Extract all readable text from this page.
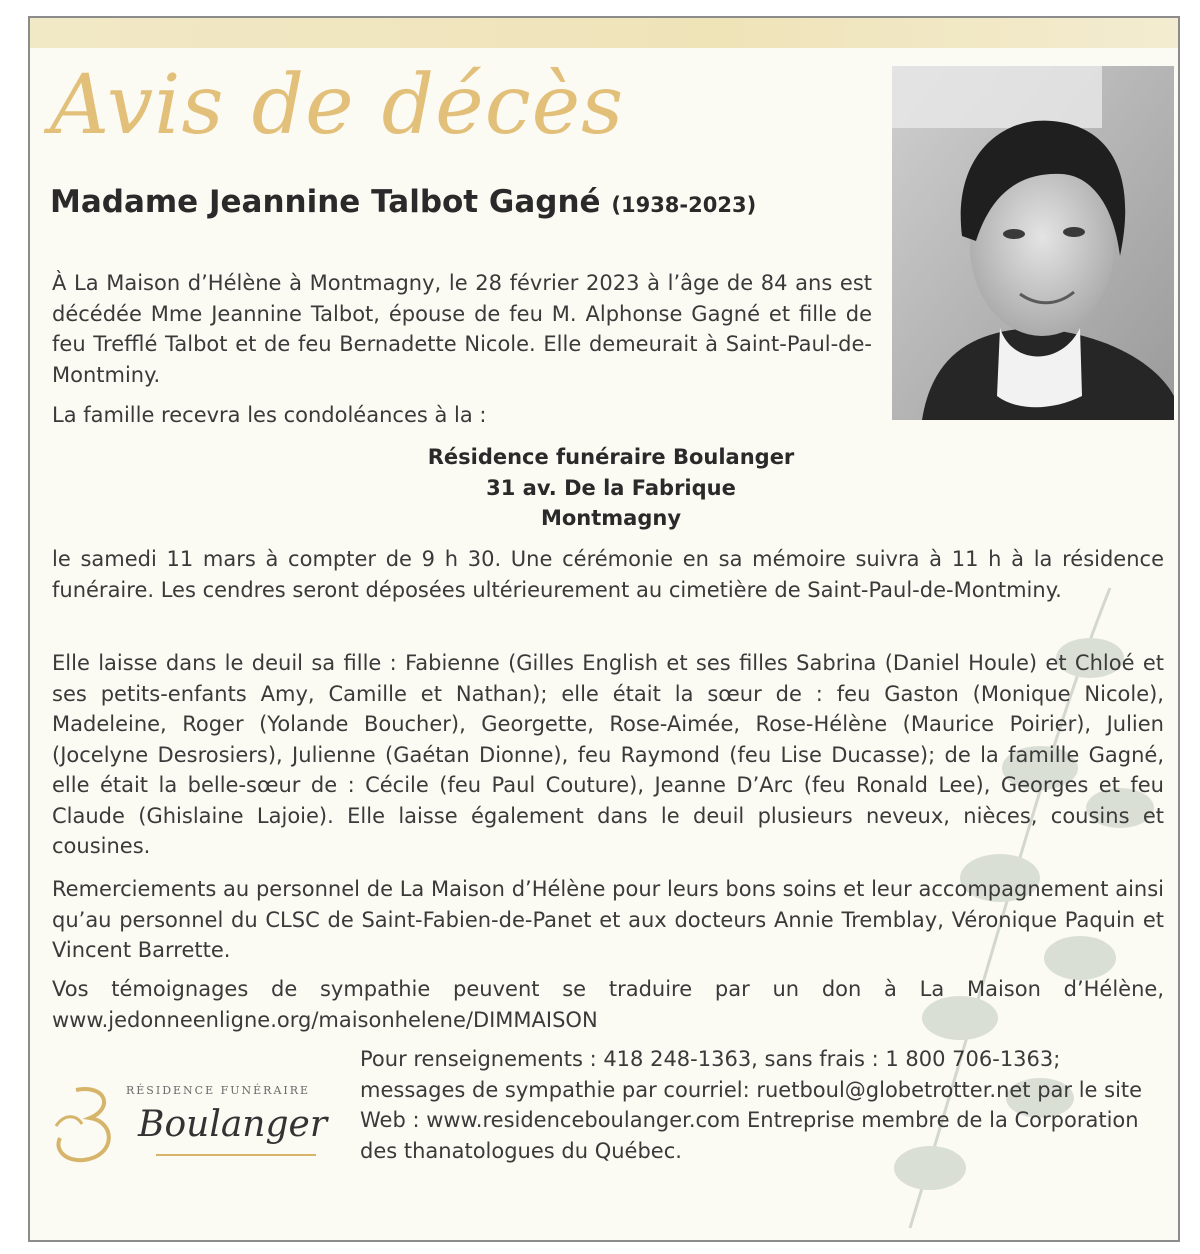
Avis de décès
Madame Jeannine Talbot Gagné (1938-2023)

À La Maison d’Hélène à Montmagny, le 28 février 2023 à l’âge de 84 ans est décédée Mme Jeannine Talbot, épouse de feu M. Alphonse Gagné et fille de feu Trefflé Talbot et de feu Bernadette Nicole. Elle demeurait à Saint-Paul-de-Montminy.

La famille recevra les condoléances à la :

Résidence funéraire Boulanger
31 av. De la Fabrique
Montmagny

le samedi 11 mars à compter de 9 h 30. Une cérémonie en sa mémoire suivra à 11 h à la résidence funéraire. Les cendres seront déposées ultérieurement au cimetière de Saint-Paul-de-Montminy.

Elle laisse dans le deuil sa fille : Fabienne (Gilles English et ses filles Sabrina (Daniel Houle) et Chloé et ses petits-enfants Amy, Camille et Nathan); elle était la sœur de : feu Gaston (Monique Nicole), Madeleine, Roger (Yolande Boucher), Georgette, Rose-Aimée, Rose-Hélène (Maurice Poirier), Julien (Jocelyne Desrosiers), Julienne (Gaétan Dionne), feu Raymond (feu Lise Ducasse); de la famille Gagné, elle était la belle-sœur de : Cécile (feu Paul Couture), Jeanne D’Arc (feu Ronald Lee), Georges et feu Claude (Ghislaine Lajoie). Elle laisse également dans le deuil plusieurs neveux, nièces, cousins et cousines.

Remerciements au personnel de La Maison d’Hélène pour leurs bons soins et leur accompagnement ainsi qu’au personnel du CLSC de Saint-Fabien-de-Panet et aux docteurs Annie Tremblay, Véronique Paquin et Vincent Barrette.

Vos témoignages de sympathie peuvent se traduire par un don à La Maison d’Hélène, www.jedonneenligne.org/maisonhelene/DIMMAISON

RÉSIDENCE FUNÉRAIRE
Boulanger

Pour renseignements : 418 248-1363, sans frais : 1 800 706-1363; messages de sympathie par courriel: ruetboul@globetrotter.net par le site Web : www.residenceboulanger.com Entreprise membre de la Corporation des thanatologues du Québec.
